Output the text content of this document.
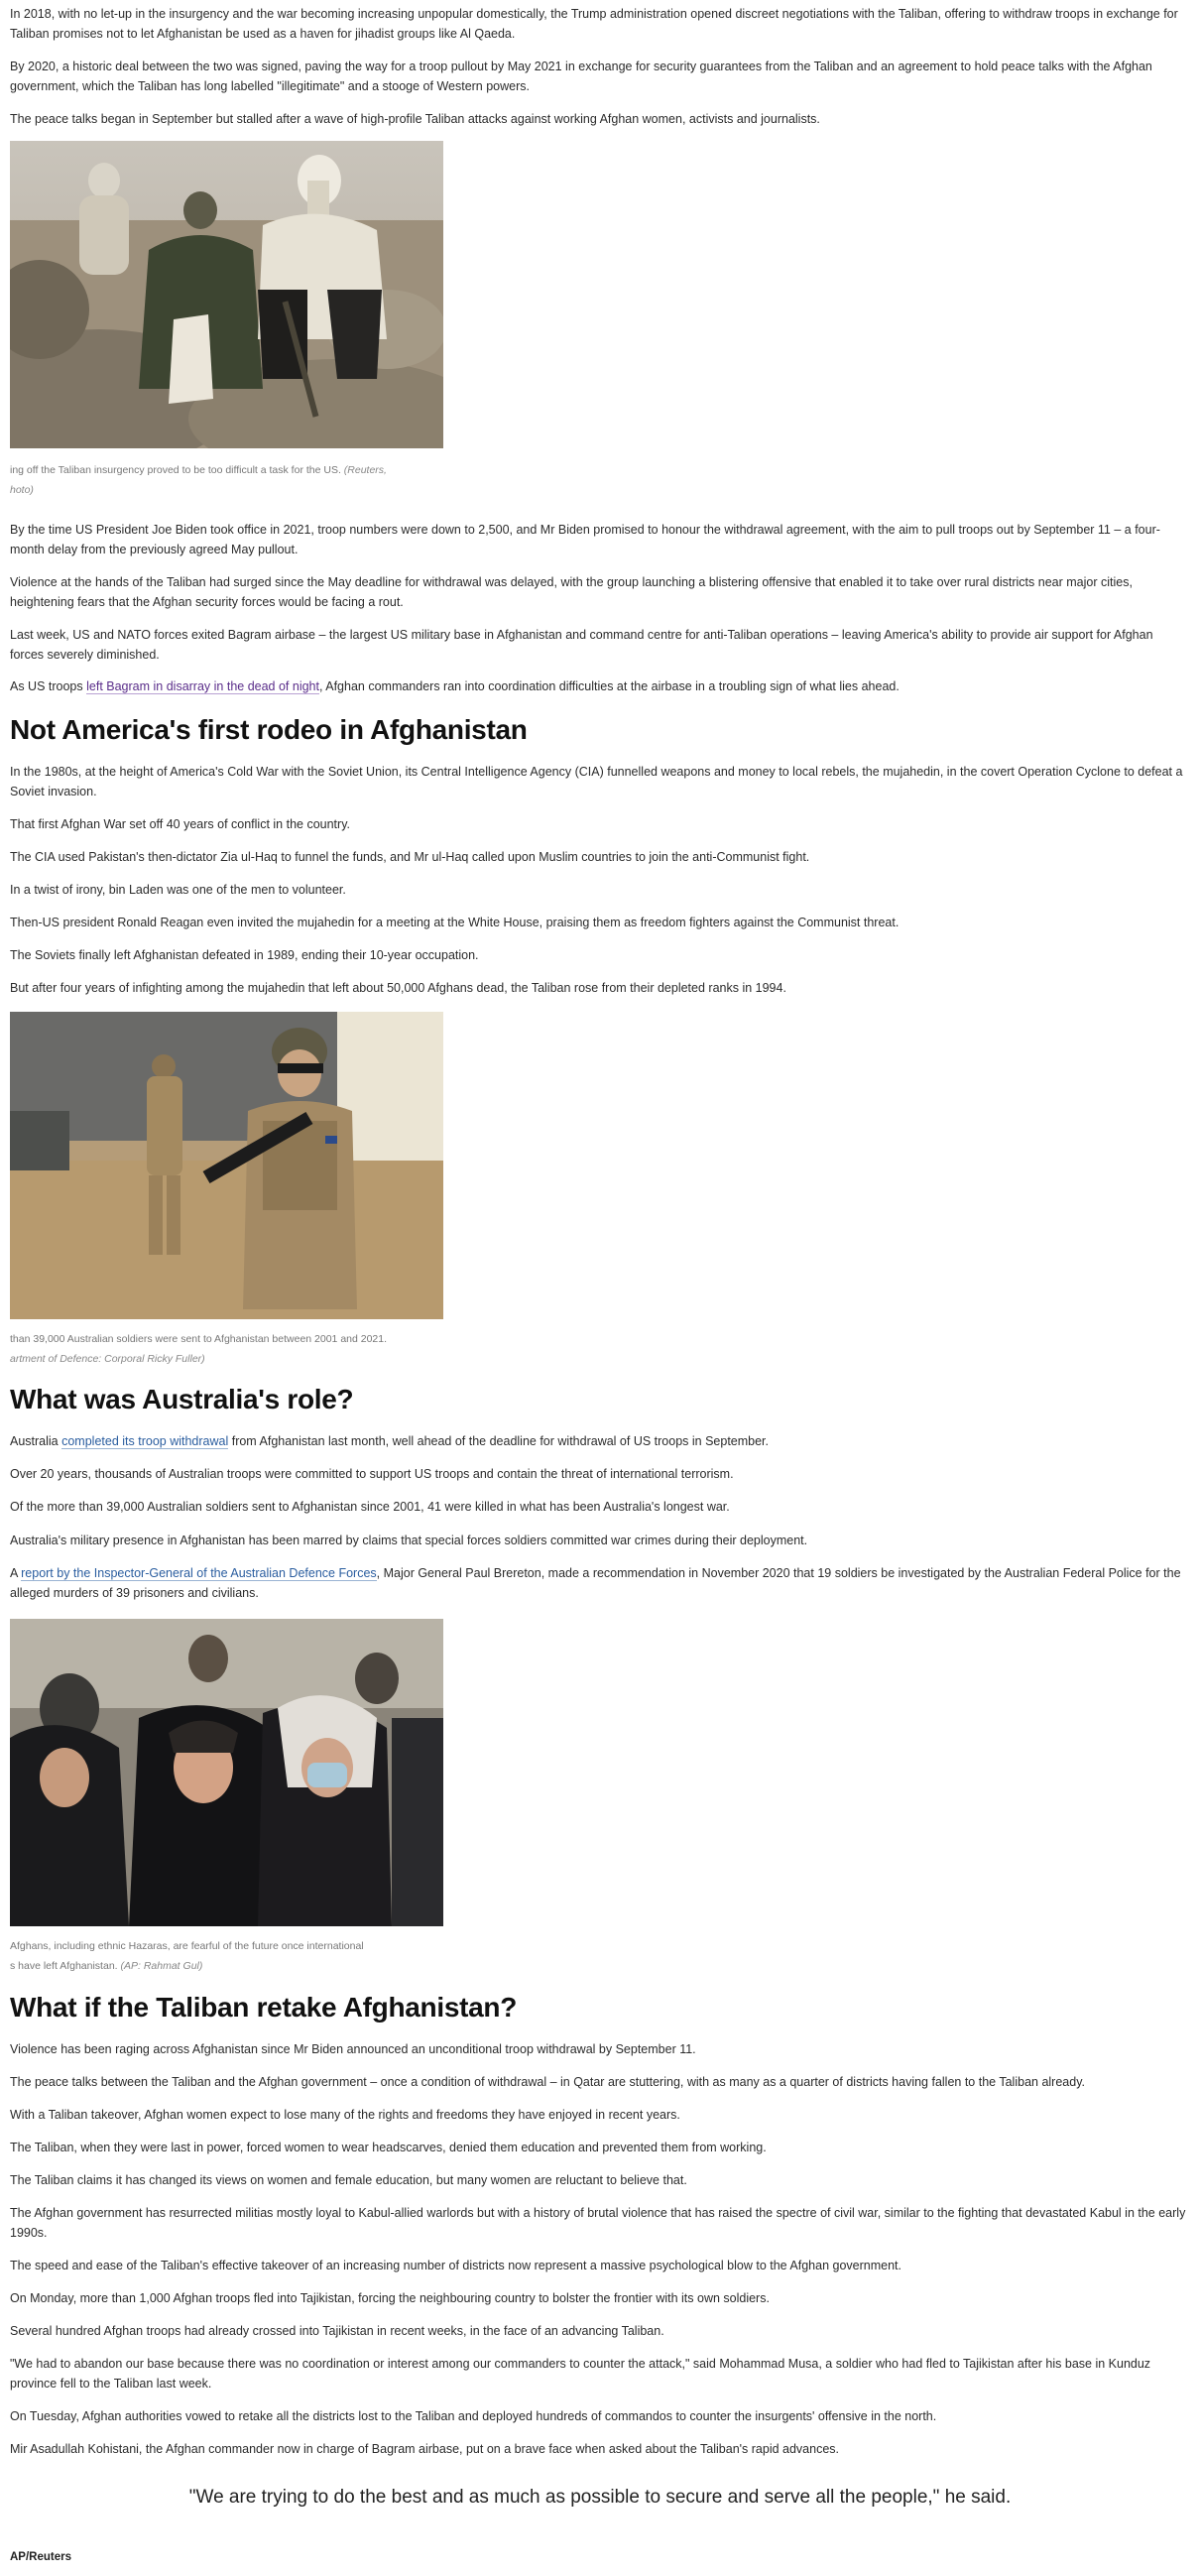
In 2018, with no let-up in the insurgency and the war becoming increasing unpopular domestically, the Trump administration opened discreet negotiations with the Taliban, offering to withdraw troops in exchange for Taliban promises not to let Afghanistan be used as a haven for jihadist groups like Al Qaeda.

By 2020, a historic deal between the two was signed, paving the way for a troop pullout by May 2021 in exchange for security guarantees from the Taliban and an agreement to hold peace talks with the Afghan government, which the Taliban has long labelled "illegitimate" and a stooge of Western powers.

The peace talks began in September but stalled after a wave of high-profile Taliban attacks against working Afghan women, activists and journalists.

ing off the Taliban insurgency proved to be too difficult a task for the US. (Reuters,
hoto)

By the time US President Joe Biden took office in 2021, troop numbers were down to 2,500, and Mr Biden promised to honour the withdrawal agreement, with the aim to pull troops out by September 11 – a four-month delay from the previously agreed May pullout.

Violence at the hands of the Taliban had surged since the May deadline for withdrawal was delayed, with the group launching a blistering offensive that enabled it to take over rural districts near major cities, heightening fears that the Afghan security forces would be facing a rout.

Last week, US and NATO forces exited Bagram airbase – the largest US military base in Afghanistan and command centre for anti-Taliban operations – leaving America's ability to provide air support for Afghan forces severely diminished.

As US troops left Bagram in disarray in the dead of night, Afghan commanders ran into coordination difficulties at the airbase in a troubling sign of what lies ahead.

Not America's first rodeo in Afghanistan

In the 1980s, at the height of America's Cold War with the Soviet Union, its Central Intelligence Agency (CIA) funnelled weapons and money to local rebels, the mujahedin, in the covert Operation Cyclone to defeat a Soviet invasion.

That first Afghan War set off 40 years of conflict in the country.

The CIA used Pakistan's then-dictator Zia ul-Haq to funnel the funds, and Mr ul-Haq called upon Muslim countries to join the anti-Communist fight.

In a twist of irony, bin Laden was one of the men to volunteer.

Then-US president Ronald Reagan even invited the mujahedin for a meeting at the White House, praising them as freedom fighters against the Communist threat.

The Soviets finally left Afghanistan defeated in 1989, ending their 10-year occupation.

But after four years of infighting among the mujahedin that left about 50,000 Afghans dead, the Taliban rose from their depleted ranks in 1994.

than 39,000 Australian soldiers were sent to Afghanistan between 2001 and 2021.
artment of Defence: Corporal Ricky Fuller)
What was Australia's role?

Australia completed its troop withdrawal from Afghanistan last month, well ahead of the deadline for withdrawal of US troops in September.

Over 20 years, thousands of Australian troops were committed to support US troops and contain the threat of international terrorism.

Of the more than 39,000 Australian soldiers sent to Afghanistan since 2001, 41 were killed in what has been Australia's longest war.

Australia's military presence in Afghanistan has been marred by claims that special forces soldiers committed war crimes during their deployment.

A report by the Inspector-General of the Australian Defence Forces, Major General Paul Brereton, made a recommendation in November 2020 that 19 soldiers be investigated by the Australian Federal Police for the alleged murders of 39 prisoners and civilians.

Afghans, including ethnic Hazaras, are fearful of the future once international
s have left Afghanistan. (AP: Rahmat Gul)
What if the Taliban retake Afghanistan?

Violence has been raging across Afghanistan since Mr Biden announced an unconditional troop withdrawal by September 11.

The peace talks between the Taliban and the Afghan government – once a condition of withdrawal – in Qatar are stuttering, with as many as a quarter of districts having fallen to the Taliban already.

With a Taliban takeover, Afghan women expect to lose many of the rights and freedoms they have enjoyed in recent years.

The Taliban, when they were last in power, forced women to wear headscarves, denied them education and prevented them from working.

The Taliban claims it has changed its views on women and female education, but many women are reluctant to believe that.

The Afghan government has resurrected militias mostly loyal to Kabul-allied warlords but with a history of brutal violence that has raised the spectre of civil war, similar to the fighting that devastated Kabul in the early 1990s.

The speed and ease of the Taliban's effective takeover of an increasing number of districts now represent a massive psychological blow to the Afghan government.

On Monday, more than 1,000 Afghan troops fled into Tajikistan, forcing the neighbouring country to bolster the frontier with its own soldiers.

Several hundred Afghan troops had already crossed into Tajikistan in recent weeks, in the face of an advancing Taliban.

"We had to abandon our base because there was no coordination or interest among our commanders to counter the attack," said Mohammad Musa, a soldier who had fled to Tajikistan after his base in Kunduz province fell to the Taliban last week.

On Tuesday, Afghan authorities vowed to retake all the districts lost to the Taliban and deployed hundreds of commandos to counter the insurgents' offensive in the north.

Mir Asadullah Kohistani, the Afghan commander now in charge of Bagram airbase, put on a brave face when asked about the Taliban's rapid advances.

"We are trying to do the best and as much as possible to secure and serve all the people," he said.
AP/Reuters
